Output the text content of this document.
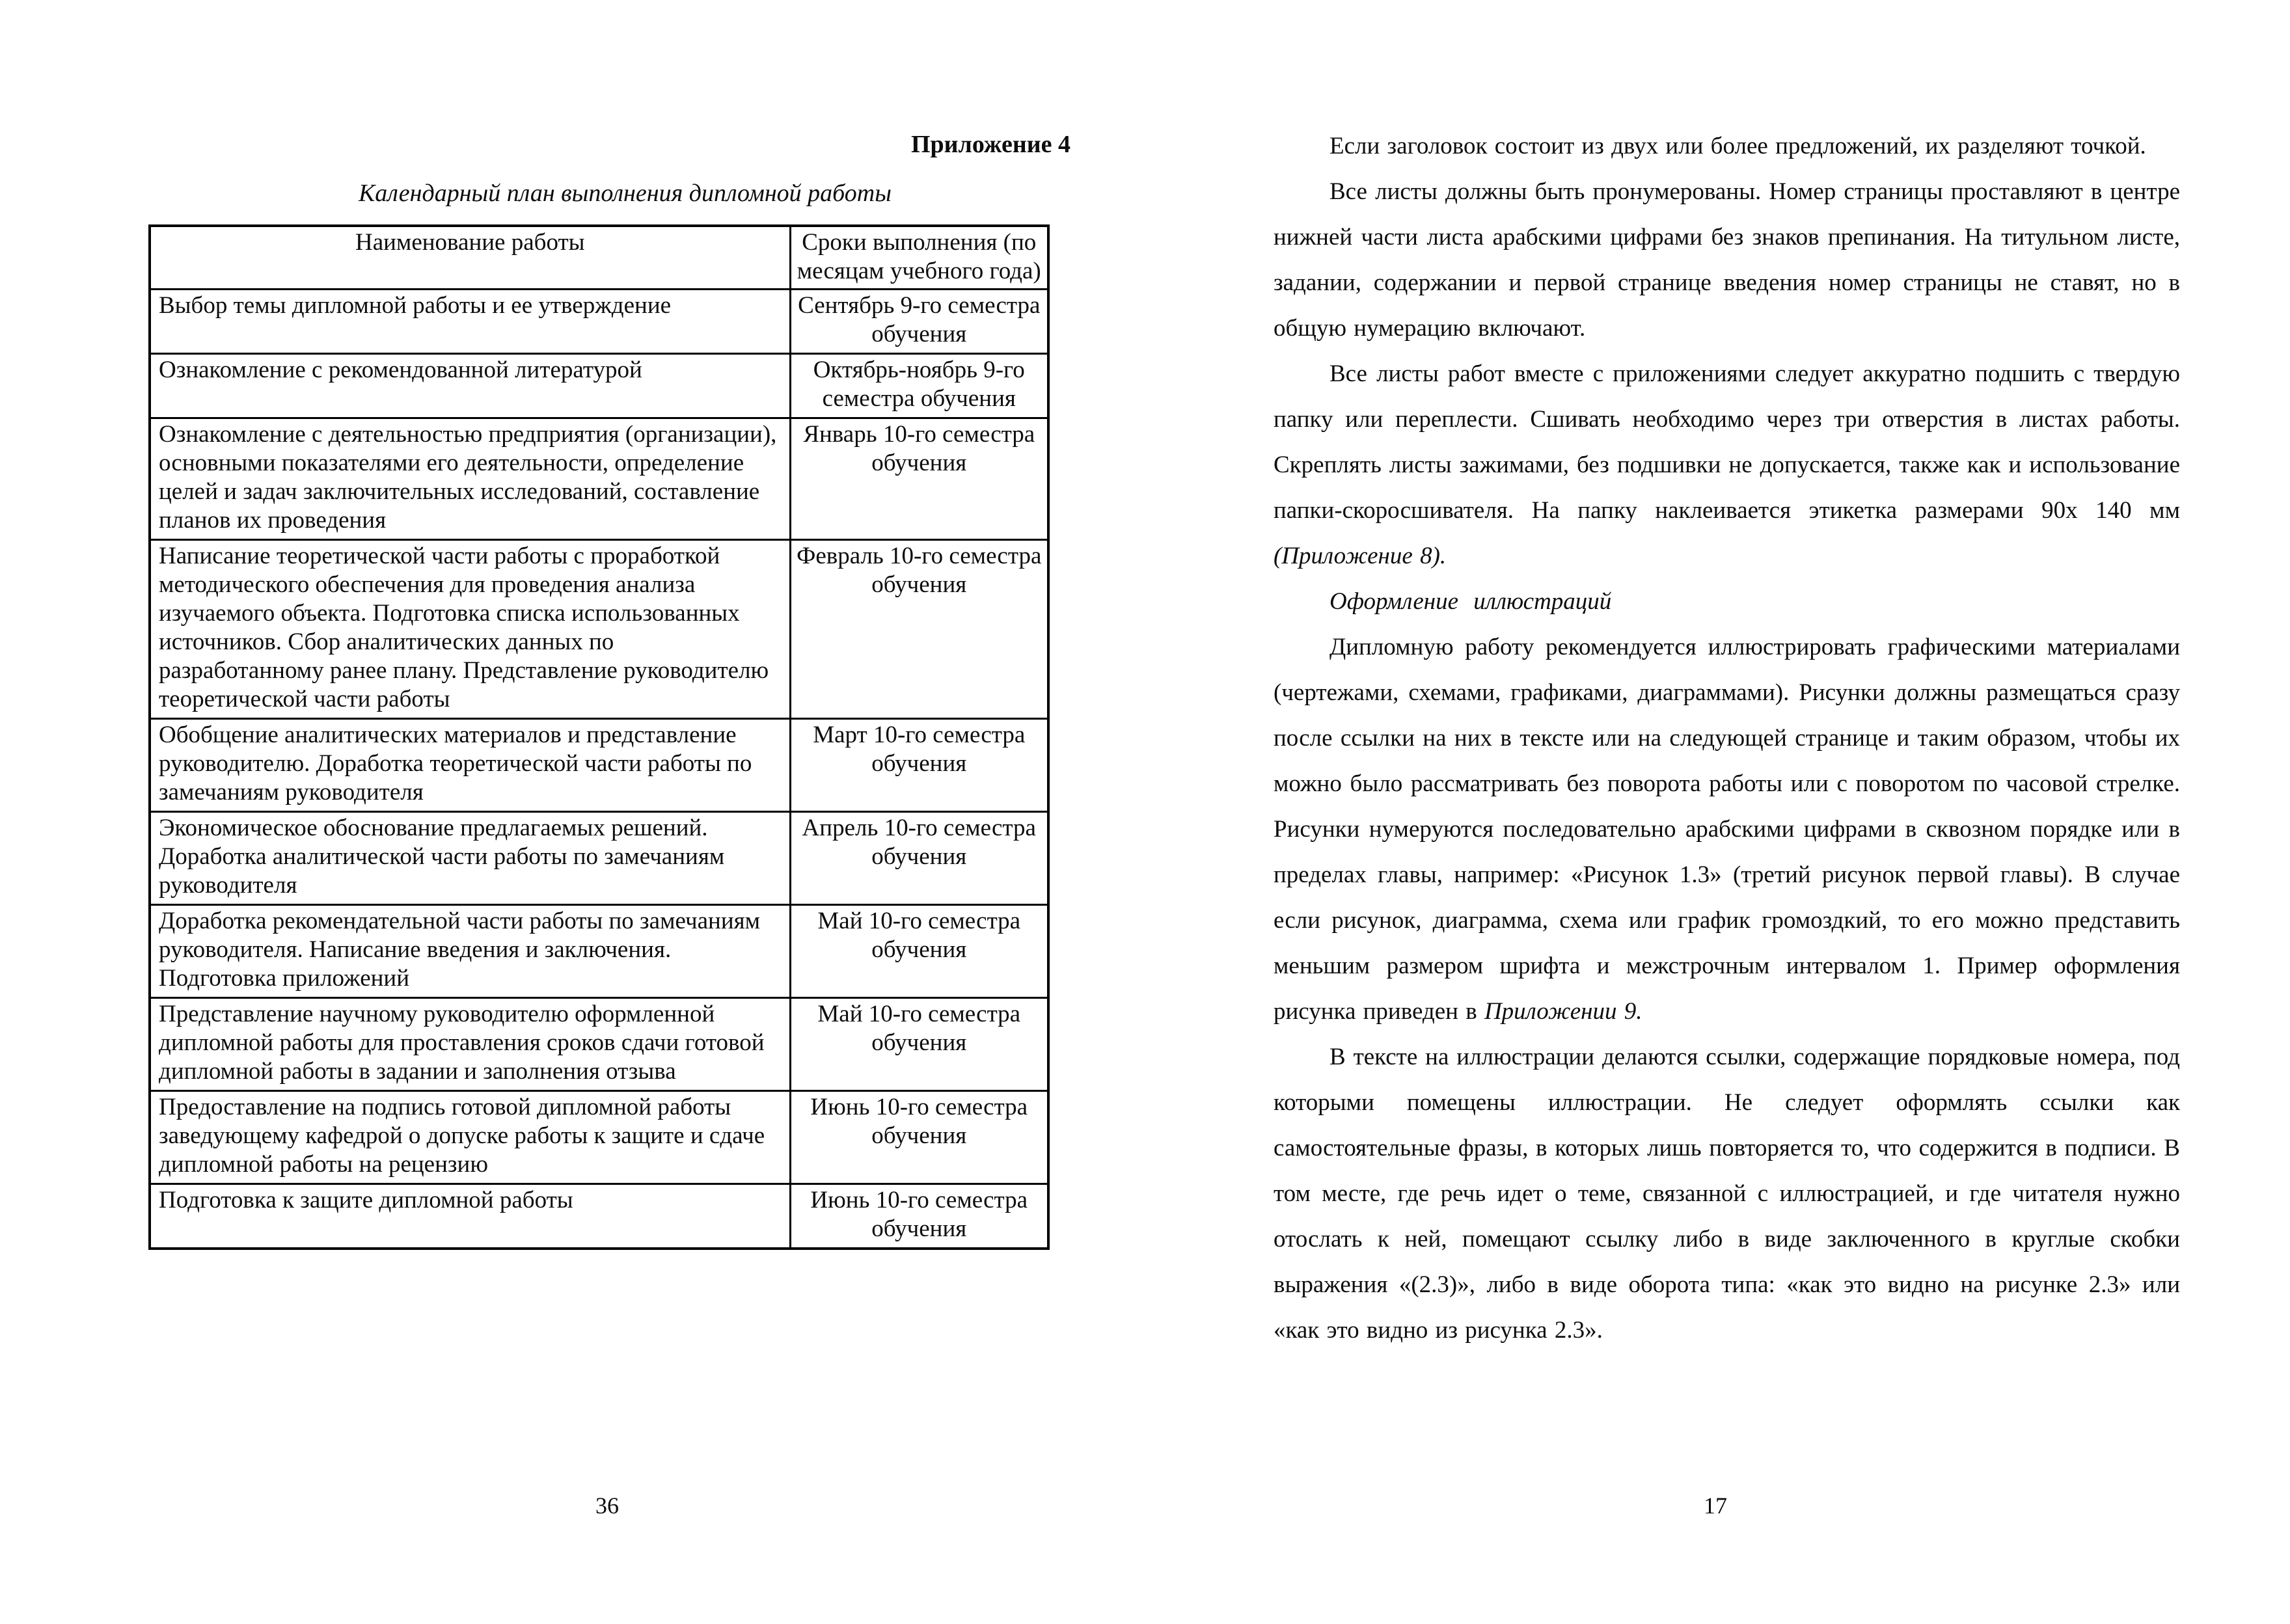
Приложение 4
Календарный план выполнения дипломной работы
Наименование работы	Сроки выполнения (по месяцам учебного года)
Выбор темы дипломной работы и ее утверждение	Сентябрь 9-го семестра обучения
Ознакомление с рекомендованной литературой	Октябрь-ноябрь 9-го семестра обучения
Ознакомление с деятельностью предприятия (организации), основными показателями его деятельности, определение целей и задач заключительных исследований, составление планов их проведения	Январь 10-го семестра обучения
Написание теоретической части работы с проработкой методического обеспечения для проведения анализа изучаемого объекта. Подготовка списка использованных источников. Сбор аналитических данных по разработанному ранее плану. Представление руководителю теоретической части работы	Февраль 10-го семестра обучения
Обобщение аналитических материалов и представление руководителю. Доработка теоретической части работы по замечаниям руководителя	Март 10-го семестра обучения
Экономическое обоснование предлагаемых решений. Доработка аналитической части работы по замечаниям руководителя	Апрель 10-го семестра обучения
Доработка рекомендательной части работы по замечаниям руководителя. Написание введения и заключения. Подготовка приложений	Май 10-го семестра обучения
Представление научному руководителю оформленной дипломной работы для проставления сроков сдачи готовой дипломной работы в задании и заполнения отзыва	Май 10-го семестра обучения
Предоставление на подпись готовой дипломной работы заведующему кафедрой о допуске работы к защите и сдаче дипломной работы на рецензию	Июнь 10-го семестра обучения
Подготовка к защите дипломной работы	Июнь 10-го семестра обучения
36

Если заголовок состоит из двух или более предложений, их разделяют точкой.

Все листы должны быть пронумерованы. Номер страницы проставляют в центре нижней части листа арабскими цифрами без знаков препинания. На титульном листе, задании, содержании и первой странице введения номер страницы не ставят, но в общую нумерацию включают.

Все листы работ вместе с приложениями следует аккуратно подшить с твердую папку или переплести. Сшивать необходимо через три отверстия в листах работы. Скреплять листы зажимами, без подшивки не допускается, также как и использование папки-скоросшивателя. На папку наклеивается этикетка размерами 90х 140 мм (Приложение 8).

Оформление иллюстраций

Дипломную работу рекомендуется иллюстрировать графическими материалами (чертежами, схемами, графиками, диаграммами). Рисунки должны размещаться сразу после ссылки на них в тексте или на следующей странице и таким образом, чтобы их можно было рассматривать без поворота работы или с поворотом по часовой стрелке. Рисунки нумеруются последовательно арабскими цифрами в сквозном порядке или в пределах главы, например: «Рисунок 1.3» (третий рисунок первой главы). В случае если рисунок, диаграмма, схема или график громоздкий, то его можно представить меньшим размером шрифта и межстрочным интервалом 1. Пример оформления рисунка приведен в Приложении 9.

В тексте на иллюстрации делаются ссылки, содержащие порядковые номера, под которыми помещены иллюстрации. Не следует оформлять ссылки как самостоятельные фразы, в которых лишь повторяется то, что содержится в подписи. В том месте, где речь идет о теме, связанной с иллюстрацией, и где читателя нужно отослать к ней, помещают ссылку либо в виде заключенного в круглые скобки выражения «(2.3)», либо в виде оборота типа: «как это видно на рисунке 2.3» или «как это видно из рисунка 2.3».

17
